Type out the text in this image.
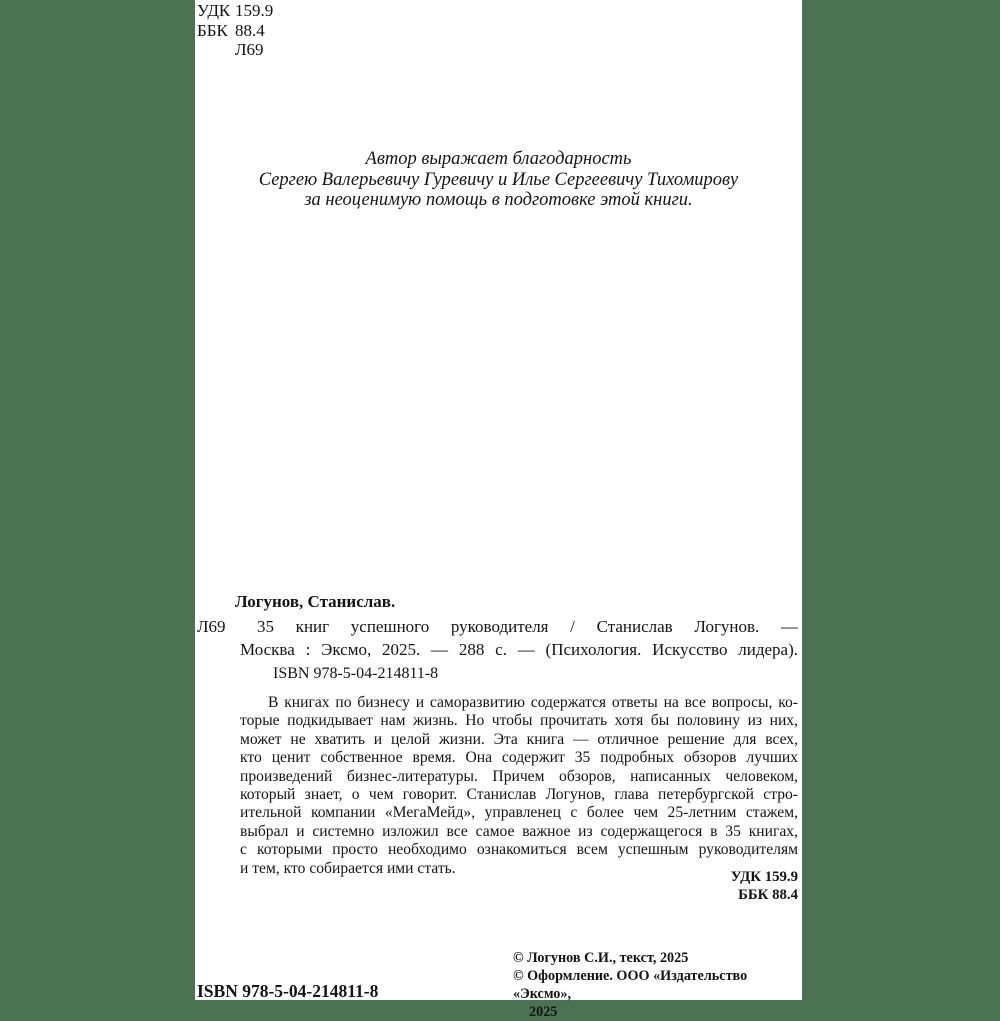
УДК 159.9
ББК 88.4
Л69
Автор выражает благодарность
Сергею Валерьевичу Гуревичу и Илье Сергеевичу Тихомирову
за неоценимую помощь в подготовке этой книги.
Логунов, Станислав.
Л69 35 книг успешного руководителя / Станислав Логунов. —
Москва : Эксмо, 2025. — 288 с. — (Психология. Искусство лидера).
ISBN 978-5-04-214811-8
В книгах по бизнесу и саморазвитию содержатся ответы на все вопросы, ко-
торые подкидывает нам жизнь. Но чтобы прочитать хотя бы половину из них,
может не хватить и целой жизни. Эта книга — отличное решение для всех,
кто ценит собственное время. Она содержит 35 подробных обзоров лучших
произведений бизнес-литературы. Причем обзоров, написанных человеком,
который знает, о чем говорит. Станислав Логунов, глава петербургской стро-
ительной компании «МегаМейд», управленец с более чем 25-летним стажем,
выбрал и системно изложил все самое важное из содержащегося в 35 книгах,
с которыми просто необходимо ознакомиться всем успешным руководителям
и тем, кто собирается ими стать.
УДК 159.9
ББК 88.4
© Логунов С.И., текст, 2025
© Оформление. ООО «Издательство «Эксмо»,
2025
ISBN 978-5-04-214811-8
